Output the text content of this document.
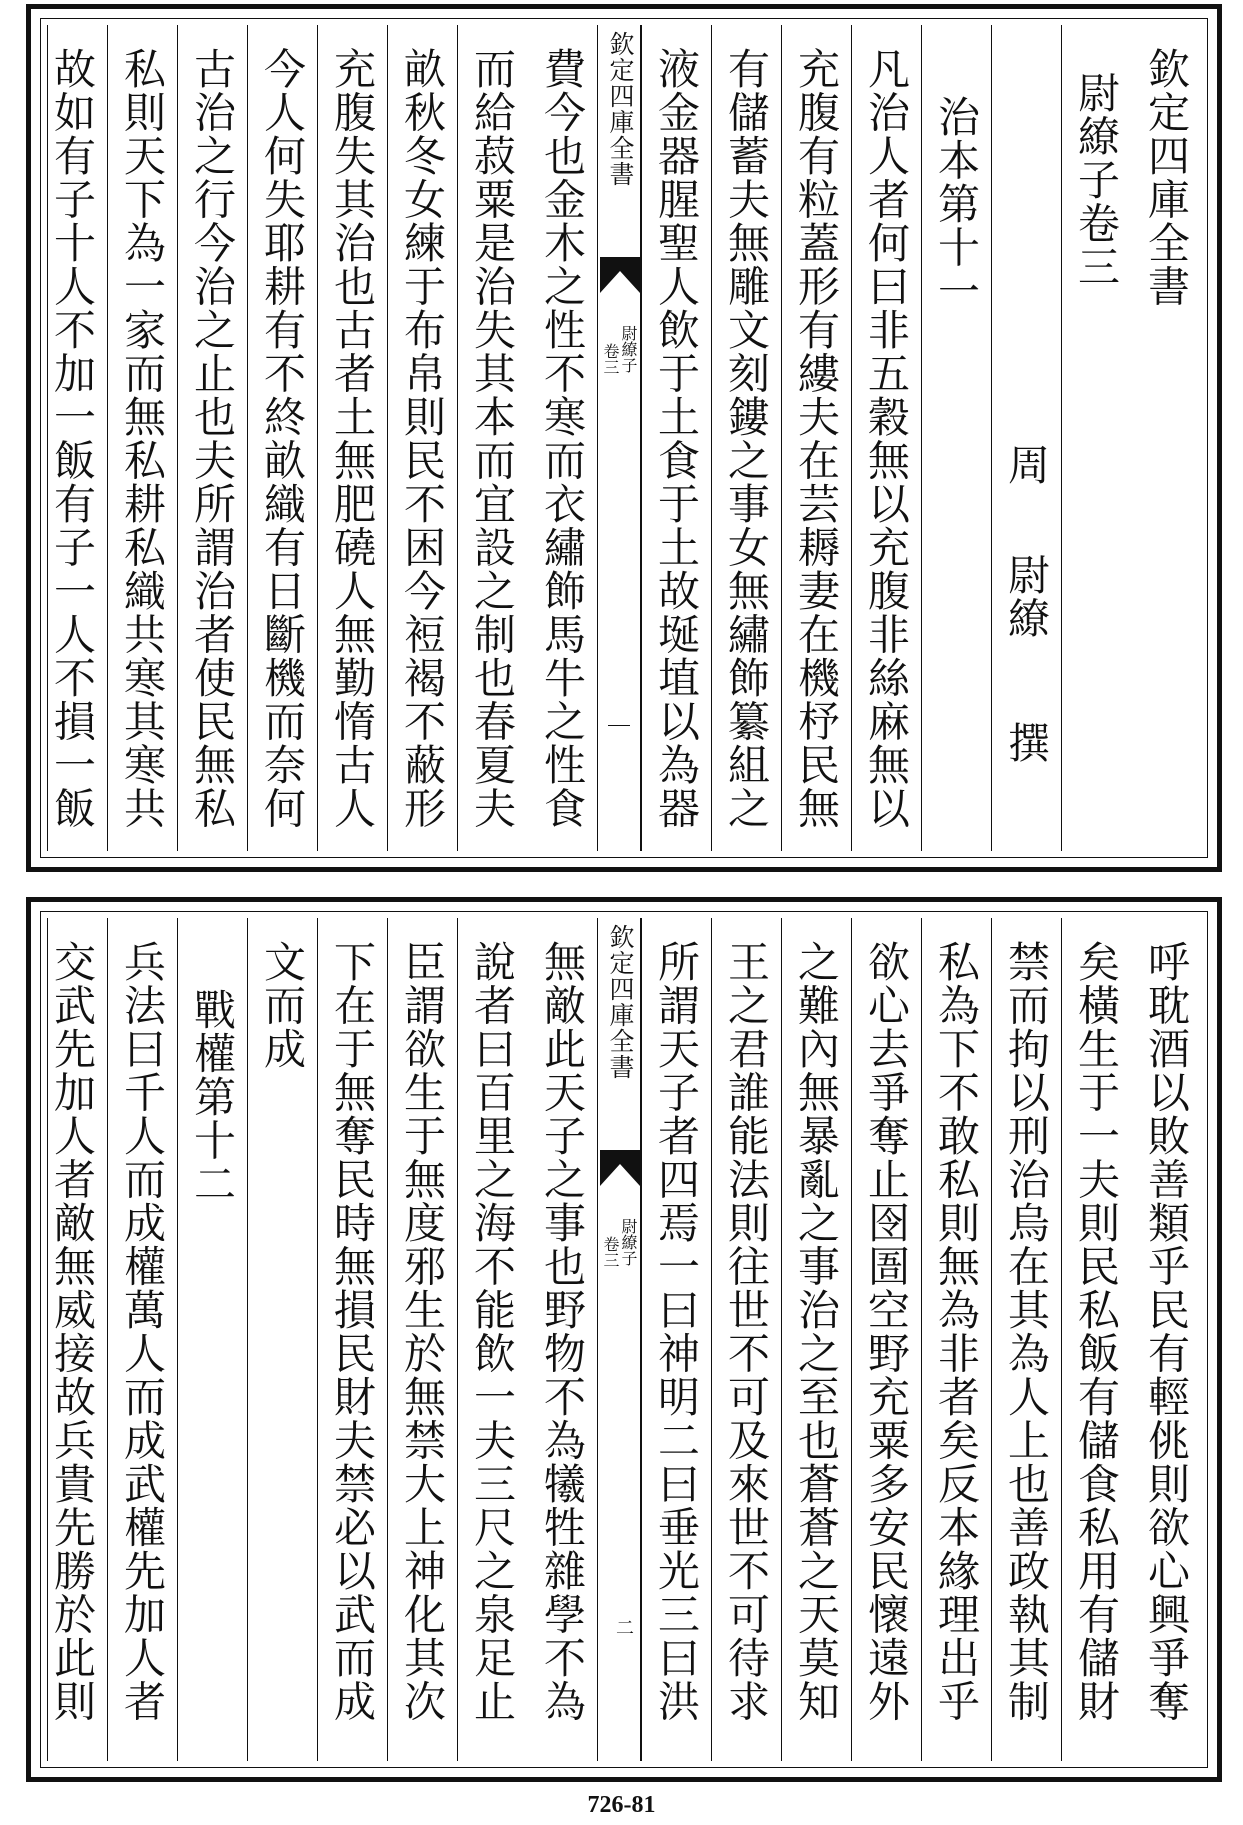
欽定四庫全書
尉繚子卷三
周
尉繚
撰
治本第十一
凡治人者何曰非五穀無以充腹非絲麻無以
充腹有粒蓋形有縷夫在芸耨妻在機杼民無
有儲蓄夫無雕文刻鏤之事女無繡飾纂組之
液金器腥聖人飲于土食于土故埏埴以為器
欽定四庫全書
尉繚子
卷三
費今也金木之性不寒而衣繡飾馬牛之性食
而給菽粟是治失其本而宜設之制也春夏夫
畝秋冬女練于布帛則民不困今裋褐不蔽形
充腹失其治也古者土無肥磽人無勤惰古人
今人何失耶耕有不終畝織有日斷機而奈何
古治之行今治之止也夫所謂治者使民無私
私則天下為一家而無私耕私織共寒其寒共
故如有子十人不加一飯有子一人不損一飯
呼耽酒以敗善類乎民有輕佻則欲心興爭奪
矣橫生于一夫則民私飯有儲食私用有儲財
禁而拘以刑治烏在其為人上也善政執其制
私為下不敢私則無為非者矣反本緣理出乎
欲心去爭奪止囹圄空野充粟多安民懷遠外
之難內無暴亂之事治之至也蒼蒼之天莫知
王之君誰能法則往世不可及來世不可待求
所謂天子者四焉一曰神明二曰垂光三曰洪
欽定四庫全書
尉繚子
卷三
二
無敵此天子之事也野物不為犧牲雜學不為
說者曰百里之海不能飲一夫三尺之泉足止
臣謂欲生于無度邪生於無禁大上神化其次
下在于無奪民時無損民財夫禁必以武而成
文而成
戰權第十二
兵法曰千人而成權萬人而成武權先加人者
交武先加人者敵無威接故兵貴先勝於此則
726-81
